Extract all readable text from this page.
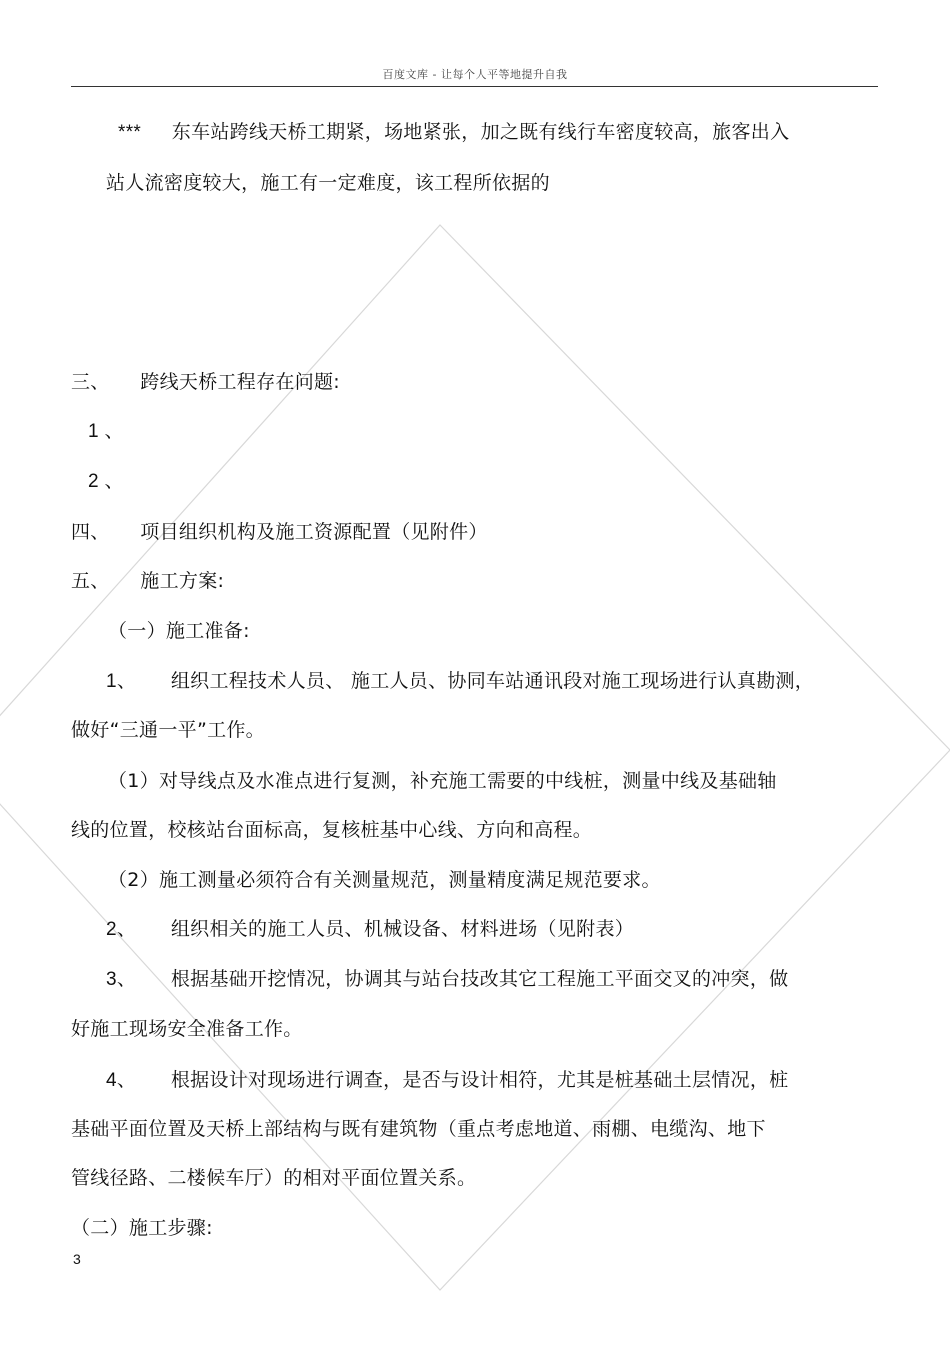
百度文库 - 让每个人平等地提升自我
*** 东车站跨线天桥工期紧，场地紧张，加之既有线行车密度较高，旅客出入
站人流密度较大，施工有一定难度，该工程所依据的
三、 跨线天桥工程存在问题:
1 、
2 、
四、 项目组织机构及施工资源配置（见附件）
五、 施工方案:
（一）施工准备:
1、 组织工程技术人员、 施工人员、协同车站通讯段对施工现场进行认真勘测，
做好“三通一平”工作。
（1）对导线点及水准点进行复测，补充施工需要的中线桩，测量中线及基础轴
线的位置，校核站台面标高，复核桩基中心线、方向和高程。
（2）施工测量必须符合有关测量规范，测量精度满足规范要求。
2、 组织相关的施工人员、机械设备、材料进场（见附表）
3、 根据基础开挖情况，协调其与站台技改其它工程施工平面交叉的冲突，做
好施工现场安全准备工作。
4、 根据设计对现场进行调查，是否与设计相符，尤其是桩基础土层情况，桩
基础平面位置及天桥上部结构与既有建筑物（重点考虑地道、雨棚、电缆沟、地下
管线径路、二楼候车厅）的相对平面位置关系。
（二）施工步骤:
3
